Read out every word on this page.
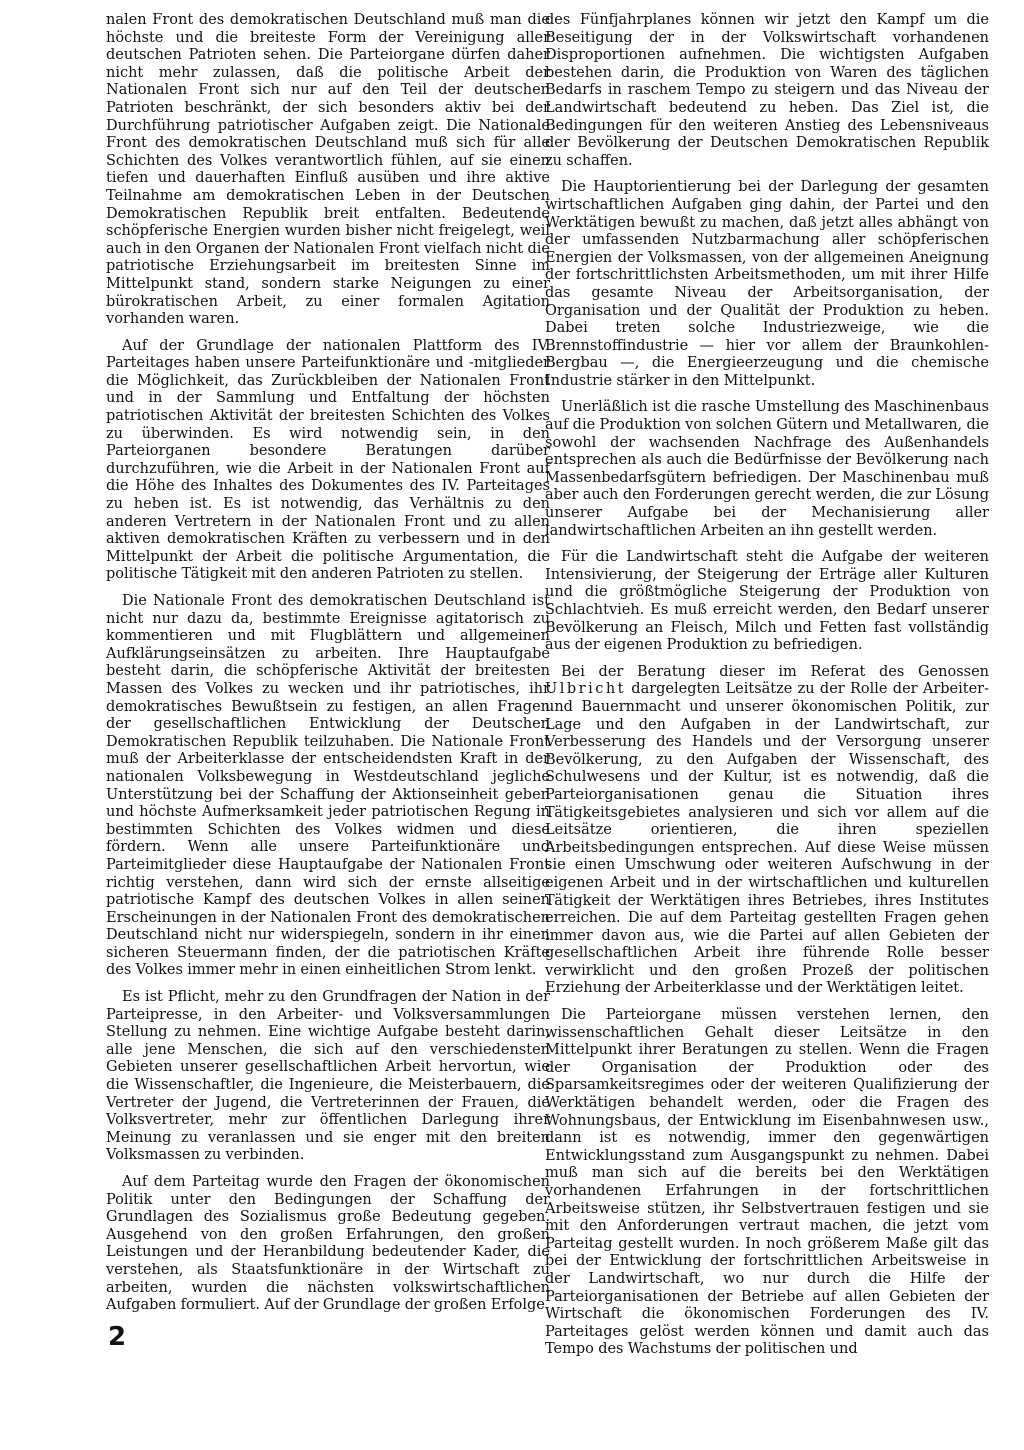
nalen Front des demokratischen Deutschland muß man die höchste und die breiteste Form der Vereinigung aller deutschen Patrioten sehen. Die Parteiorgane dürfen daher nicht mehr zulassen, daß die politische Arbeit der Nationalen Front sich nur auf den Teil der deutschen Patrioten beschränkt, der sich besonders aktiv bei der Durchführung patriotischer Aufgaben zeigt. Die Nationale Front des demokratischen Deutschland muß sich für alle Schichten des Volkes verantwortlich fühlen, auf sie einen tiefen und dauerhaften Einfluß ausüben und ihre aktive Teilnahme am demokratischen Leben in der Deutschen Demokratischen Republik breit entfalten. Bedeutende schöpferische Energien wurden bisher nicht freigelegt, weil auch in den Organen der Nationalen Front vielfach nicht die patriotische Erziehungsarbeit im breitesten Sinne im Mittelpunkt stand, sondern starke Neigungen zu einer bürokratischen Arbeit, zu einer formalen Agitation vorhanden waren.

Auf der Grundlage der nationalen Plattform des IV. Parteitages haben unsere Parteifunktionäre und -mitglieder die Möglichkeit, das Zurückbleiben der Nationalen Front und in der Sammlung und Entfaltung der höchsten patriotischen Aktivität der breitesten Schichten des Volkes zu überwinden. Es wird notwendig sein, in den Parteiorganen besondere Beratungen darüber durchzuführen, wie die Arbeit in der Nationalen Front auf die Höhe des Inhaltes des Dokumentes des IV. Parteitages zu heben ist. Es ist notwendig, das Verhältnis zu den anderen Vertretern in der Nationalen Front und zu allen aktiven demokratischen Kräften zu verbessern und in den Mittelpunkt der Arbeit die politische Argumentation, die politische Tätigkeit mit den anderen Patrioten zu stellen.

Die Nationale Front des demokratischen Deutschland ist nicht nur dazu da, bestimmte Ereignisse agitatorisch zu kommentieren und mit Flugblättern und allgemeinen Aufklärungseinsätzen zu arbeiten. Ihre Hauptaufgabe besteht darin, die schöpferische Aktivität der breitesten Massen des Volkes zu wecken und ihr patriotisches, ihr demokratisches Bewußtsein zu festigen, an allen Fragen der gesellschaftlichen Entwicklung der Deutschen Demokratischen Republik teilzuhaben. Die Nationale Front muß der Arbeiterklasse der entscheidendsten Kraft in der nationalen Volksbewegung in Westdeutschland jegliche Unterstützung bei der Schaffung der Aktionseinheit geben und höchste Aufmerksamkeit jeder patriotischen Regung in bestimmten Schichten des Volkes widmen und diese fördern. Wenn alle unsere Parteifunktionäre und Parteimitglieder diese Hauptaufgabe der Nationalen Front richtig verstehen, dann wird sich der ernste allseitige patriotische Kampf des deutschen Volkes in allen seinen Erscheinungen in der Nationalen Front des demokratischen Deutschland nicht nur widerspiegeln, sondern in ihr einen sicheren Steuermann finden, der die patriotischen Kräfte des Volkes immer mehr in einen einheitlichen Strom lenkt.

Es ist Pflicht, mehr zu den Grundfragen der Nation in der Parteipresse, in den Arbeiter- und Volksversammlungen Stellung zu nehmen. Eine wichtige Aufgabe besteht darin, alle jene Menschen, die sich auf den verschiedensten Gebieten unserer gesellschaftlichen Arbeit hervortun, wie die Wissenschaftler, die Ingenieure, die Meisterbauern, die Vertreter der Jugend, die Vertreterinnen der Frauen, die Volksvertreter, mehr zur öffentlichen Darlegung ihrer Meinung zu veranlassen und sie enger mit den breiten Volksmassen zu verbinden.

Auf dem Parteitag wurde den Fragen der ökonomischen Politik unter den Bedingungen der Schaffung der Grundlagen des Sozialismus große Bedeutung gegeben. Ausgehend von den großen Erfahrungen, den großen Leistungen und der Heranbildung bedeutender Kader, die verstehen, als Staatsfunktionäre in der Wirtschaft zu arbeiten, wurden die nächsten volkswirtschaftlichen Aufgaben formuliert. Auf der Grundlage der großen Erfolge

des Fünfjahrplanes können wir jetzt den Kampf um die Beseitigung der in der Volkswirtschaft vorhandenen Disproportionen aufnehmen. Die wichtigsten Aufgaben bestehen darin, die Produktion von Waren des täglichen Bedarfs in raschem Tempo zu steigern und das Niveau der Landwirtschaft bedeutend zu heben. Das Ziel ist, die Bedingungen für den weiteren Anstieg des Lebensniveaus der Bevölkerung der Deutschen Demokratischen Republik zu schaffen.

Die Hauptorientierung bei der Darlegung der gesamten wirtschaftlichen Aufgaben ging dahin, der Partei und den Werktätigen bewußt zu machen, daß jetzt alles abhängt von der umfassenden Nutzbarmachung aller schöpferischen Energien der Volksmassen, von der allgemeinen Aneignung der fortschrittlichsten Arbeitsmethoden, um mit ihrer Hilfe das gesamte Niveau der Arbeitsorganisation, der Organisation und der Qualität der Produktion zu heben. Dabei treten solche Industriezweige, wie die Brennstoffindustrie — hier vor allem der Braunkohlen-Bergbau —, die Energieerzeugung und die chemische Industrie stärker in den Mittelpunkt.

Unerläßlich ist die rasche Umstellung des Maschinenbaus auf die Produktion von solchen Gütern und Metallwaren, die sowohl der wachsenden Nachfrage des Außenhandels entsprechen als auch die Bedürfnisse der Bevölkerung nach Massenbedarfsgütern befriedigen. Der Maschinenbau muß aber auch den Forderungen gerecht werden, die zur Lösung unserer Aufgabe bei der Mechanisierung aller landwirtschaftlichen Arbeiten an ihn gestellt werden.

Für die Landwirtschaft steht die Aufgabe der weiteren Intensivierung, der Steigerung der Erträge aller Kulturen und die größtmögliche Steigerung der Produktion von Schlachtvieh. Es muß erreicht werden, den Bedarf unserer Bevölkerung an Fleisch, Milch und Fetten fast vollständig aus der eigenen Produktion zu befriedigen.

Bei der Beratung dieser im Referat des Genossen Ulbricht dargelegten Leitsätze zu der Rolle der Arbeiter- und Bauernmacht und unserer ökonomischen Politik, zur Lage und den Aufgaben in der Landwirtschaft, zur Verbesserung des Handels und der Versorgung unserer Bevölkerung, zu den Aufgaben der Wissenschaft, des Schulwesens und der Kultur, ist es notwendig, daß die Parteiorganisationen genau die Situation ihres Tätigkeitsgebietes analysieren und sich vor allem auf die Leitsätze orientieren, die ihren speziellen Arbeitsbedingungen entsprechen. Auf diese Weise müssen sie einen Umschwung oder weiteren Aufschwung in der eigenen Arbeit und in der wirtschaftlichen und kulturellen Tätigkeit der Werktätigen ihres Betriebes, ihres Institutes erreichen. Die auf dem Parteitag gestellten Fragen gehen immer davon aus, wie die Partei auf allen Gebieten der gesellschaftlichen Arbeit ihre führende Rolle besser verwirklicht und den großen Prozeß der politischen Erziehung der Arbeiterklasse und der Werktätigen leitet.

Die Parteiorgane müssen verstehen lernen, den wissenschaftlichen Gehalt dieser Leitsätze in den Mittelpunkt ihrer Beratungen zu stellen. Wenn die Fragen der Organisation der Produktion oder des Sparsamkeitsregimes oder der weiteren Qualifizierung der Werktätigen behandelt werden, oder die Fragen des Wohnungsbaus, der Entwicklung im Eisenbahnwesen usw., dann ist es notwendig, immer den gegenwärtigen Entwicklungsstand zum Ausgangspunkt zu nehmen. Dabei muß man sich auf die bereits bei den Werktätigen vorhandenen Erfahrungen in der fortschrittlichen Arbeitsweise stützen, ihr Selbstvertrauen festigen und sie mit den Anforderungen vertraut machen, die jetzt vom Parteitag gestellt wurden. In noch größerem Maße gilt das bei der Entwicklung der fortschrittlichen Arbeitsweise in der Landwirtschaft, wo nur durch die Hilfe der Parteiorganisationen der Betriebe auf allen Gebieten der Wirtschaft die ökonomischen Forderungen des IV. Parteitages gelöst werden können und damit auch das Tempo des Wachstums der politischen und

2
